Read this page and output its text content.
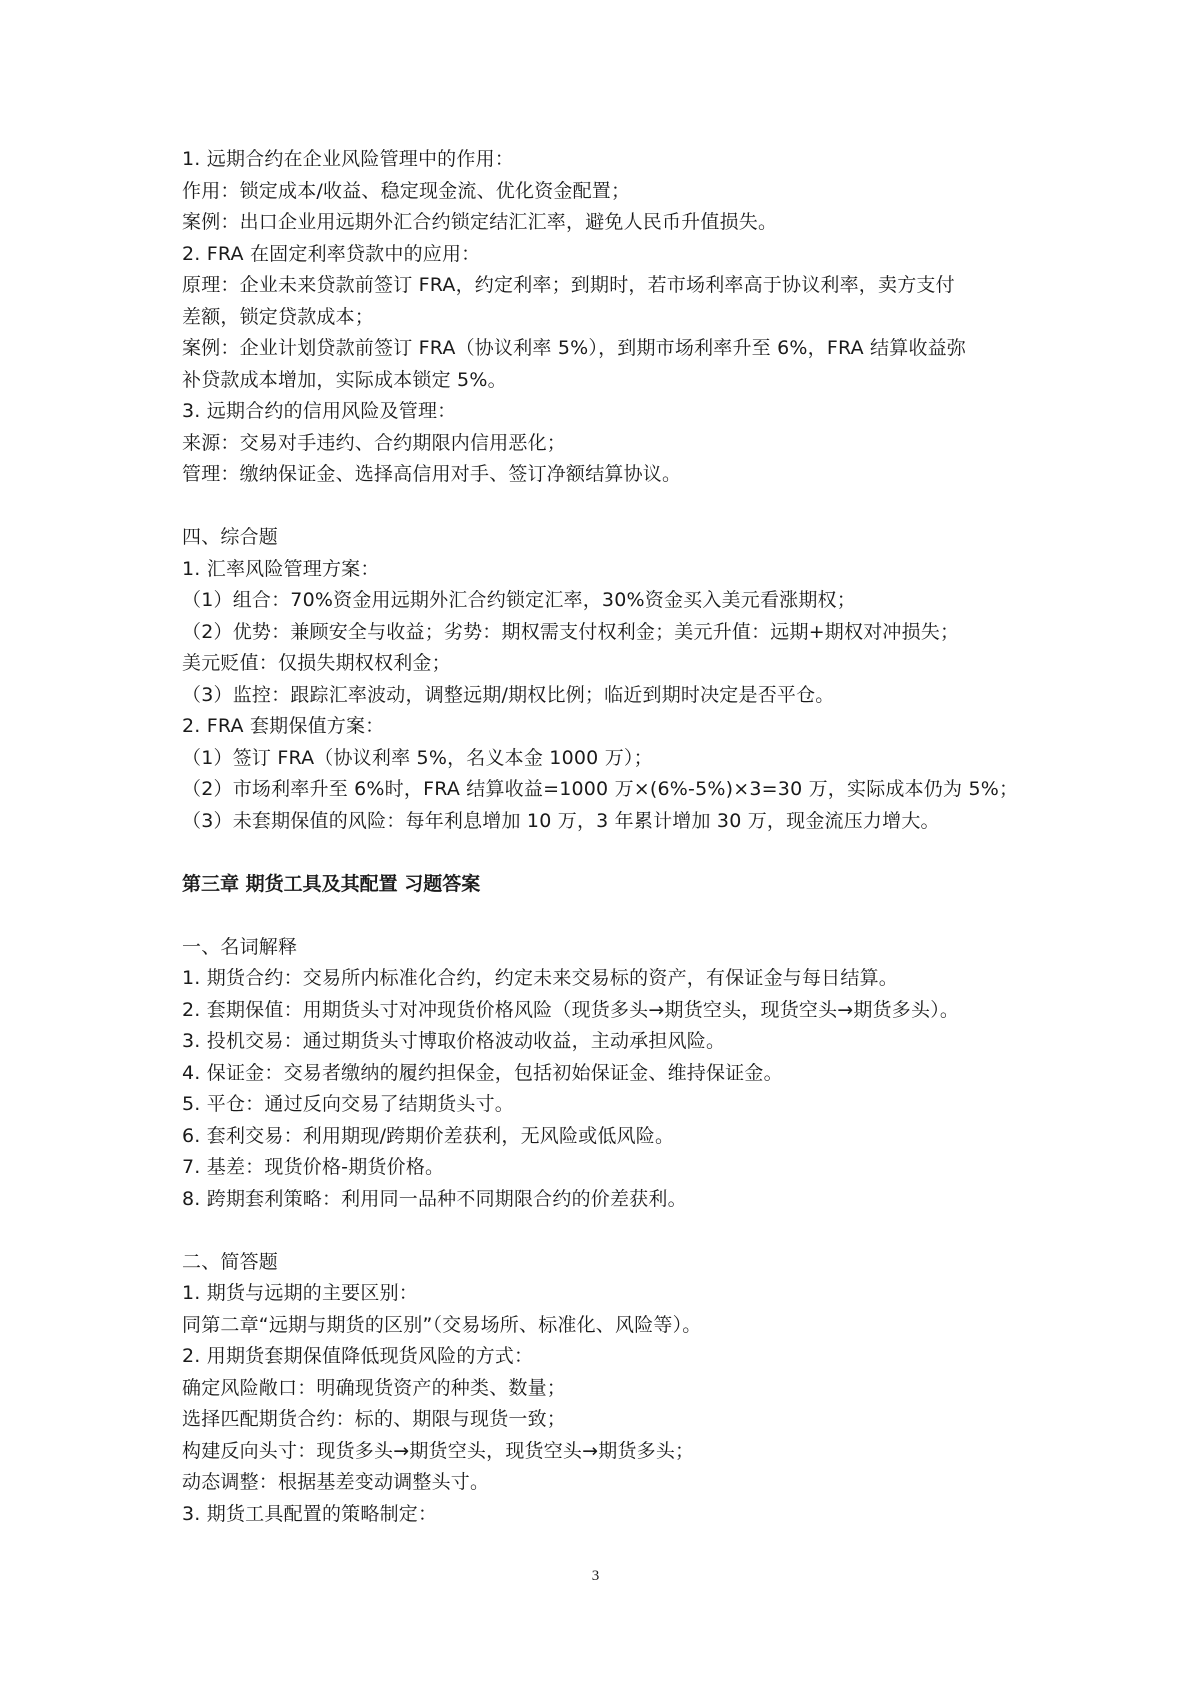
1. 远期合约在企业风险管理中的作用：
作用：锁定成本/收益、稳定现金流、优化资金配置；
案例：出口企业用远期外汇合约锁定结汇汇率，避免人民币升值损失。
2. FRA 在固定利率贷款中的应用：
原理：企业未来贷款前签订 FRA，约定利率；到期时，若市场利率高于协议利率，卖方支付
差额，锁定贷款成本；
案例：企业计划贷款前签订 FRA（协议利率 5%），到期市场利率升至 6%，FRA 结算收益弥
补贷款成本增加，实际成本锁定 5%。
3. 远期合约的信用风险及管理：
来源：交易对手违约、合约期限内信用恶化；
管理：缴纳保证金、选择高信用对手、签订净额结算协议。
四、综合题
1. 汇率风险管理方案：
（1）组合：70%资金用远期外汇合约锁定汇率，30%资金买入美元看涨期权；
（2）优势：兼顾安全与收益；劣势：期权需支付权利金；美元升值：远期+期权对冲损失；
美元贬值：仅损失期权权利金；
（3）监控：跟踪汇率波动，调整远期/期权比例；临近到期时决定是否平仓。
2. FRA 套期保值方案：
（1）签订 FRA（协议利率 5%，名义本金 1000 万）；
（2）市场利率升至 6%时，FRA 结算收益=1000 万×(6%-5%)×3=30 万，实际成本仍为 5%；
（3）未套期保值的风险：每年利息增加 10 万，3 年累计增加 30 万，现金流压力增大。
第三章 期货工具及其配置 习题答案
一、名词解释
1. 期货合约：交易所内标准化合约，约定未来交易标的资产，有保证金与每日结算。
2. 套期保值：用期货头寸对冲现货价格风险（现货多头→期货空头，现货空头→期货多头）。
3. 投机交易：通过期货头寸博取价格波动收益，主动承担风险。
4. 保证金：交易者缴纳的履约担保金，包括初始保证金、维持保证金。
5. 平仓：通过反向交易了结期货头寸。
6. 套利交易：利用期现/跨期价差获利，无风险或低风险。
7. 基差：现货价格-期货价格。
8. 跨期套利策略：利用同一品种不同期限合约的价差获利。
二、简答题
1. 期货与远期的主要区别：
同第二章“远期与期货的区别”（交易场所、标准化、风险等）。
2. 用期货套期保值降低现货风险的方式：
确定风险敞口：明确现货资产的种类、数量；
选择匹配期货合约：标的、期限与现货一致；
构建反向头寸：现货多头→期货空头，现货空头→期货多头；
动态调整：根据基差变动调整头寸。
3. 期货工具配置的策略制定：
3
